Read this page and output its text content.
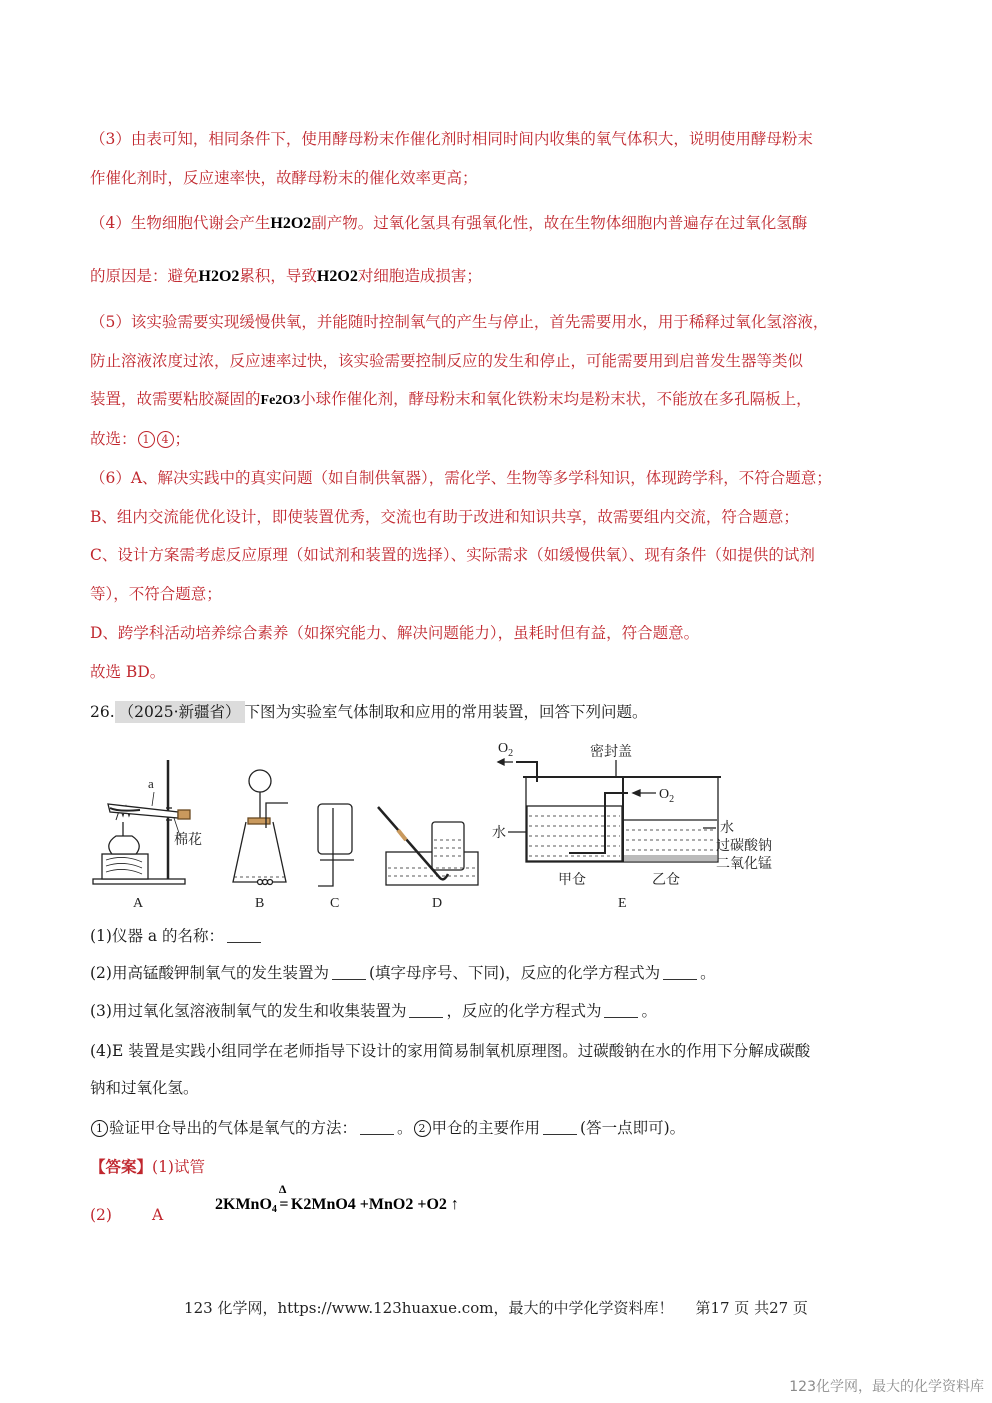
（3）由表可知，相同条件下，使用酵母粉末作催化剂时相同时间内收集的氧气体积大，说明使用酵母粉末
作催化剂时，反应速率快，故酵母粉末的催化效率更高；
（4）生物细胞代谢会产生H2O2副产物。过氧化氢具有强氧化性，故在生物体细胞内普遍存在过氧化氢酶
的原因是：避免H2O2累积，导致H2O2对细胞造成损害；
（5）该实验需要实现缓慢供氧，并能随时控制氧气的产生与停止，首先需要用水，用于稀释过氧化氢溶液，
防止溶液浓度过浓，反应速率过快，该实验需要控制反应的发生和停止，可能需要用到启普发生器等类似
装置，故需要粘胶凝固的Fe2O3小球作催化剂，酵母粉末和氧化铁粉末均是粉末状，不能放在多孔隔板上，
故选： 1 4 ；
（6）A、解决实践中的真实问题（如自制供氧器），需化学、生物等多学科知识，体现跨学科，不符合题意；
B、组内交流能优化设计，即使装置优秀，交流也有助于改进和知识共享，故需要组内交流，符合题意；
C、设计方案需考虑反应原理（如试剂和装置的选择）、实际需求（如缓慢供氧）、现有条件（如提供的试剂
等），不符合题意；
D、跨学科活动培养综合素养（如探究能力、解决问题能力），虽耗时但有益，符合题意。
故选 BD。
26. （2025·新疆省） 下图为实验室气体制取和应用的常用装置，回答下列问题。
a
棉花
A	B	C	D
$O_2$
$O_2$
密封盖
水	水
过碳酸钠
二氧化锰
甲仓	乙仓
E
(1)仪器 a 的名称：
(2)用高锰酸钾制氧气的发生装置为	(填字母序号、下同)，反应的化学方程式为	。
(3)用过氧化氢溶液制氧气的发生和收集装置为	，反应的化学方程式为	。
(4)E 装置是实践小组同学在老师指导下设计的家用简易制氧机原理图。过碳酸钠在水的作用下分解成碳酸
钠和过氧化氢。
1 验证甲仓导出的气体是氧气的方法：	。 2 甲仓的主要作用	(答一点即可)。
【答案】(1)试管
(2)	A
2KMnO$_4$
Δ
= K2MnO4 +MnO2 +O2 ↑
123 化学网，https://www.123huaxue.com，最大的中学化学资料库！ 第17 页 共27 页
123化学网，最大的化学资料库
